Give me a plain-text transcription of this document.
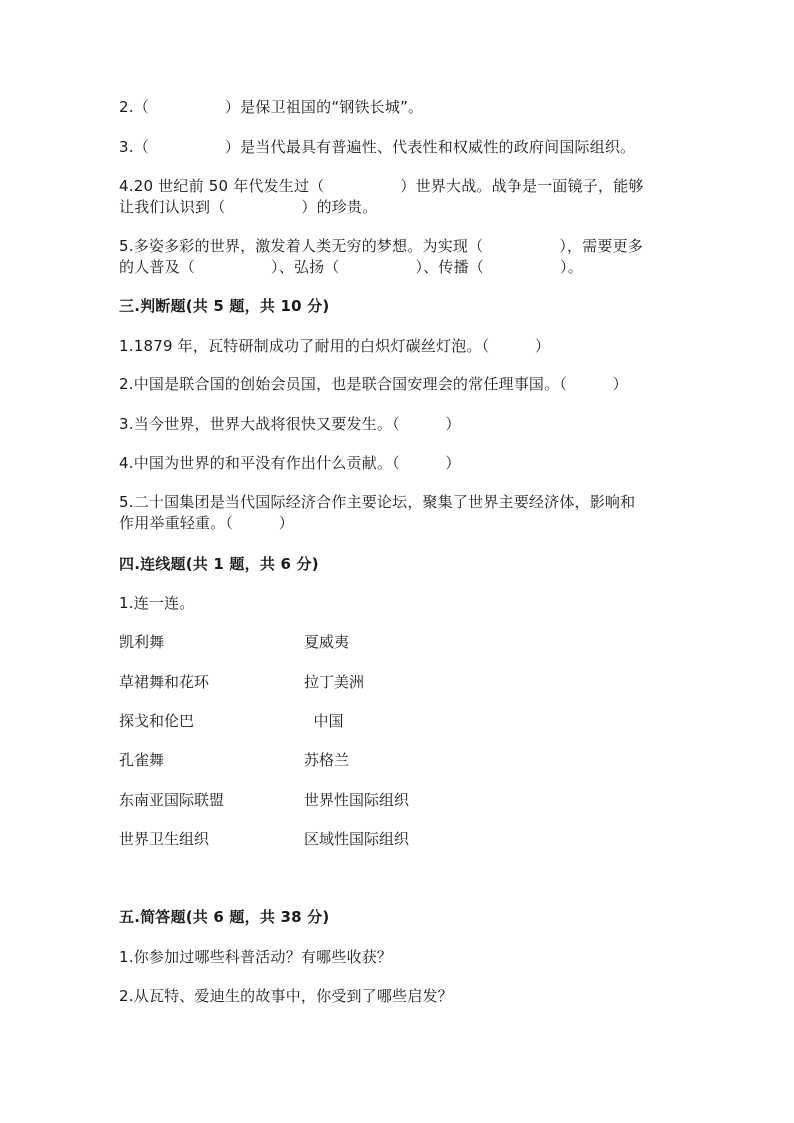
2.（　　　　　）是保卫祖国的“钢铁长城”。
3.（　　　　　）是当代最具有普遍性、代表性和权威性的政府间国际组织。
4.20 世纪前 50 年代发生过（　　　　　）世界大战。战争是一面镜子，能够
让我们认识到（　　　　　）的珍贵。
5.多姿多彩的世界，激发着人类无穷的梦想。为实现（　　　　　），需要更多
的人普及（　　　　　）、弘扬（　　　　　）、传播（　　　　　）。
三.判断题(共 5 题，共 10 分)
1.1879 年，瓦特研制成功了耐用的白炽灯碳丝灯泡。（　　　）
2.中国是联合国的创始会员国，也是联合国安理会的常任理事国。（　　　）
3.当今世界，世界大战将很快又要发生。（　　　）
4.中国为世界的和平没有作出什么贡献。（　　　）
5.二十国集团是当代国际经济合作主要论坛，聚集了世界主要经济体，影响和
作用举重轻重。（　　　）
四.连线题(共 1 题，共 6 分)
1.连一连。
凯利舞	夏威夷
草裙舞和花环	拉丁美洲
探戈和伦巴	中国
孔雀舞	苏格兰
东南亚国际联盟	世界性国际组织
世界卫生组织	区域性国际组织
五.简答题(共 6 题，共 38 分)
1.你参加过哪些科普活动？有哪些收获？
2.从瓦特、爱迪生的故事中，你受到了哪些启发？
